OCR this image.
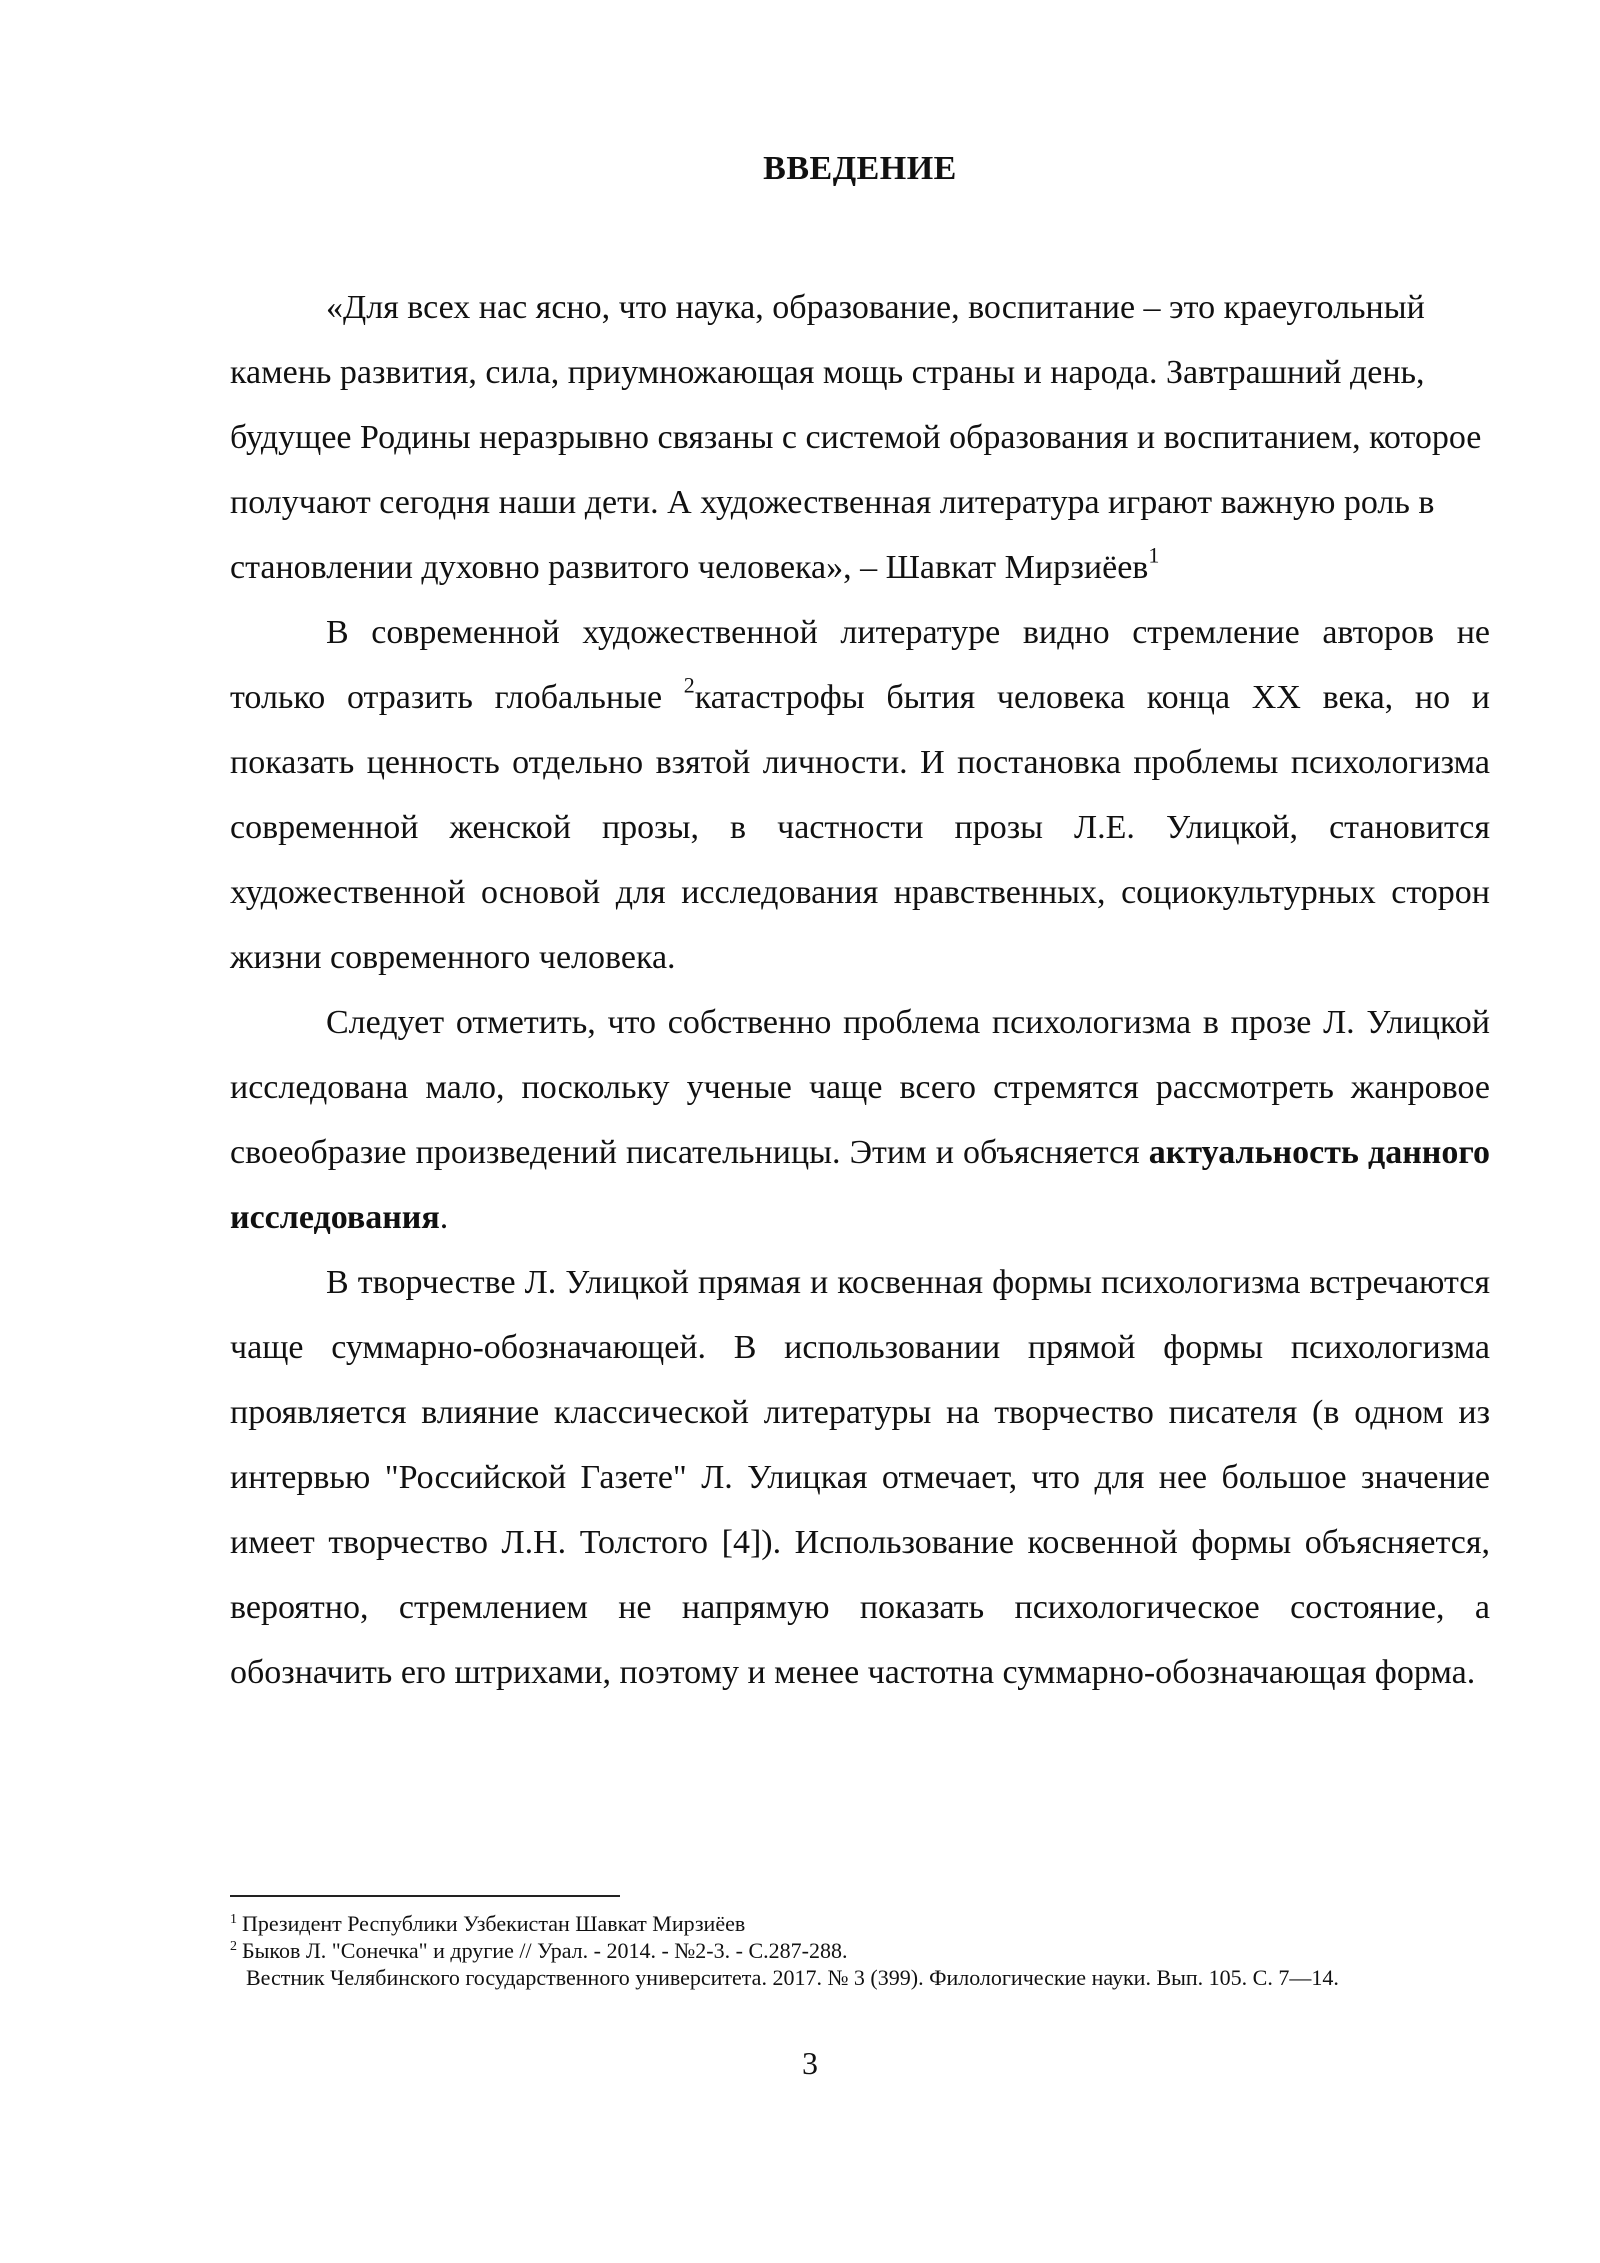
ВВЕДЕНИЕ

«Для всех нас ясно, что наука, образование, воспитание – это краеугольный камень развития, сила, приумножающая мощь страны и народа. Завтрашний день, будущее Родины неразрывно связаны с системой образования и воспитанием, которое получают сегодня наши дети. А художественная литература играют важную роль в становлении духовно развитого человека», – Шавкат Мирзиёев$^1$

В современной художественной литературе видно стремление авторов не только отразить глобальные $^2$катастрофы бытия человека конца XX века, но и показать ценность отдельно взятой личности. И постановка проблемы психологизма современной женской прозы, в частности прозы Л.Е. Улицкой, становится художественной основой для исследования нравственных, социокультурных сторон жизни современного человека.

Следует отметить, что собственно проблема психологизма в прозе Л. Улицкой исследована мало, поскольку ученые чаще всего стремятся рассмотреть жанровое своеобразие произведений писательницы. Этим и объясняется актуальность данного исследования.

В творчестве Л. Улицкой прямая и косвенная формы психологизма встречаются чаще суммарно-обозначающей. В использовании прямой формы психологизма проявляется влияние классической литературы на творчество писателя (в одном из интервью "Российской Газете" Л. Улицкая отмечает, что для нее большое значение имеет творчество Л.Н. Толстого [4]). Использование косвенной формы объясняется, вероятно, стремлением не напрямую показать психологическое состояние, а обозначить его штрихами, поэтому и менее частотна суммарно-обозначающая форма.

$^1$ Президент Республики Узбекистан Шавкат Мирзиёев

$^2$ Быков Л. "Сонечка" и другие // Урал. - 2014. - №2-3. - С.287-288.

Вестник Челябинского государственного университета. 2017. № 3 (399). Филологические науки. Вып. 105. С. 7—14.

3
